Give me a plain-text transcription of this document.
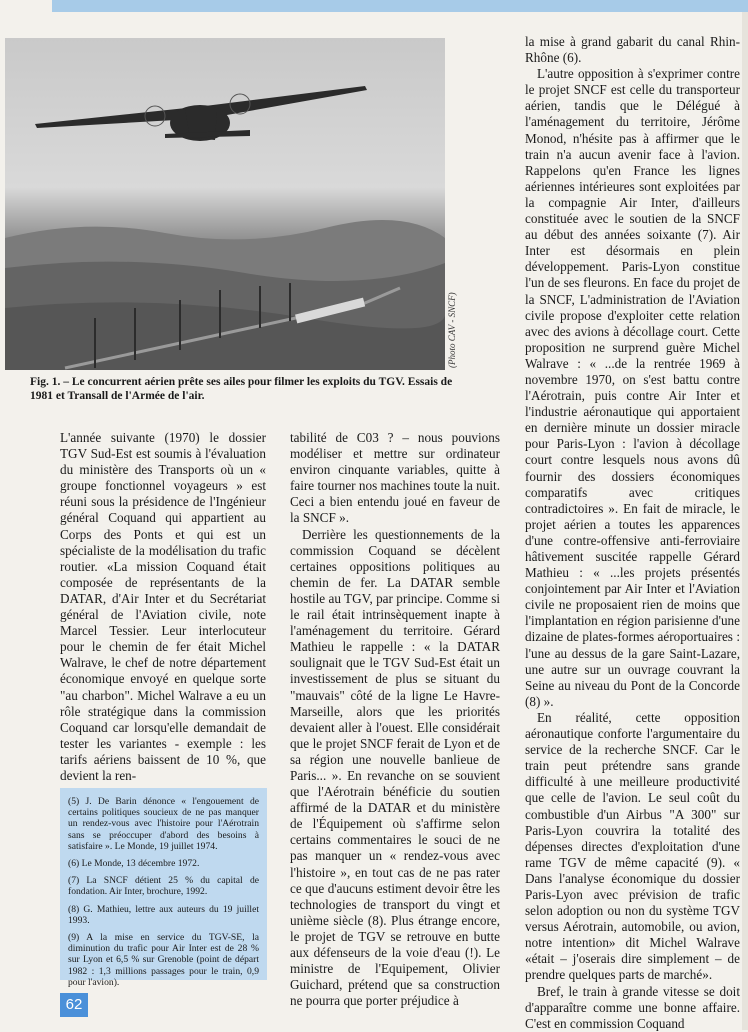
(Photo CAV - SNCF)
Fig. 1. – Le concurrent aérien prête ses ailes pour filmer les exploits du TGV. Essais de 1981 et Transall de l'Armée de l'air.

L'année suivante (1970) le dossier TGV Sud-Est est soumis à l'évaluation du ministère des Transports où un « groupe fonctionnel voyageurs » est réuni sous la présidence de l'Ingénieur général Coquand qui appartient au Corps des Ponts et qui est un spécialiste de la modélisation du trafic routier. «La mission Coquand était composée de représentants de la DATAR, d'Air Inter et du Secrétariat général de l'Aviation civile, note Marcel Tessier. Leur interlocuteur pour le chemin de fer était Michel Walrave, le chef de notre département économique envoyé en quelque sorte "au charbon". Michel Walrave a eu un rôle stratégique dans la commission Coquand car lorsqu'elle demandait de tester les variantes - exemple : les tarifs aériens baissent de 10 %, que devient la ren-

tabilité de C03 ? – nous pouvions modéliser et mettre sur ordinateur environ cinquante variables, quitte à faire tourner nos machines toute la nuit. Ceci a bien entendu joué en faveur de la SNCF ».

Derrière les questionnements de la commission Coquand se décèlent certaines oppositions politiques au chemin de fer. La DATAR semble hostile au TGV, par principe. Comme si le rail était intrinsèquement inapte à l'aménagement du territoire. Gérard Mathieu le rappelle : « la DATAR soulignait que le TGV Sud-Est était un investissement de plus se situant du "mauvais" côté de la ligne Le Havre-Marseille, alors que les priorités devaient aller à l'ouest. Elle considérait que le projet SNCF ferait de Lyon et de sa région une nouvelle banlieue de Paris... ». En revanche on se souvient que l'Aérotrain bénéficie du soutien affirmé de la DATAR et du ministère de l'Équipement où s'affirme selon certains commentaires le souci de ne pas manquer un « rendez-vous avec l'histoire », en tout cas de ne pas rater ce que d'aucuns estiment devoir être les technologies de transport du vingt et unième siècle (8). Plus étrange encore, le projet de TGV se retrouve en butte aux défenseurs de la voie d'eau (!). Le ministre de l'Equipement, Olivier Guichard, prétend que sa construction ne pourra que porter préjudice à

la mise à grand gabarit du canal Rhin-Rhône (6).

L'autre opposition à s'exprimer contre le projet SNCF est celle du transporteur aérien, tandis que le Délégué à l'aménagement du territoire, Jérôme Monod, n'hésite pas à affirmer que le train n'a aucun avenir face à l'avion. Rappelons qu'en France les lignes aériennes intérieures sont exploitées par la compagnie Air Inter, d'ailleurs constituée avec le soutien de la SNCF au début des années soixante (7). Air Inter est désormais en plein développement. Paris-Lyon constitue l'un de ses fleurons. En face du projet de la SNCF, L'administration de l'Aviation civile propose d'exploiter cette relation avec des avions à décollage court. Cette proposition ne surprend guère Michel Walrave : « ...de la rentrée 1969 à novembre 1970, on s'est battu contre l'Aérotrain, puis contre Air Inter et l'industrie aéronautique qui apportaient en dernière minute un dossier miracle pour Paris-Lyon : l'avion à décollage court contre lesquels nous avons dû fournir des dossiers économiques comparatifs avec critiques contradictoires ». En fait de miracle, le projet aérien a toutes les apparences d'une contre-offensive anti-ferroviaire hâtivement suscitée rappelle Gérard Mathieu : « ...les projets présentés conjointement par Air Inter et l'Aviation civile ne proposaient rien de moins que l'implantation en région parisienne d'une dizaine de plates-formes aéroportuaires : l'une au dessus de la gare Saint-Lazare, une autre sur un ouvrage couvrant la Seine au niveau du Pont de la Concorde (8) ».

En réalité, cette opposition aéronautique conforte l'argumentaire du service de la recherche SNCF. Car le train peut prétendre sans grande difficulté à une meilleure productivité que celle de l'avion. Le seul coût du combustible d'un Airbus "A 300" sur Paris-Lyon couvrira la totalité des dépenses directes d'exploitation d'une rame TGV de même capacité (9). « Dans l'analyse économique du dossier Paris-Lyon avec prévision de trafic selon adoption ou non du système TGV versus Aérotrain, automobile, ou avion, notre intention» dit Michel Walrave «était – j'oserais dire simplement – de prendre quelques parts de marché».

Bref, le train à grande vitesse se doit d'apparaître comme une bonne affaire. C'est en commission Coquand

(5) J. De Barin dénonce « l'engouement de certains politiques soucieux de ne pas manquer un rendez-vous avec l'histoire pour l'Aérotrain sans se préoccuper d'abord des besoins à satisfaire ». Le Monde, 19 juillet 1974.

(6) Le Monde, 13 décembre 1972.

(7) La SNCF détient 25 % du capital de fondation. Air Inter, brochure, 1992.

(8) G. Mathieu, lettre aux auteurs du 19 juillet 1993.

(9) A la mise en service du TGV-SE, la diminution du trafic pour Air Inter est de 28 % sur Lyon et 6,5 % sur Grenoble (point de départ 1982 : 1,3 millions passages pour le train, 0,9 pour l'avion).

62
